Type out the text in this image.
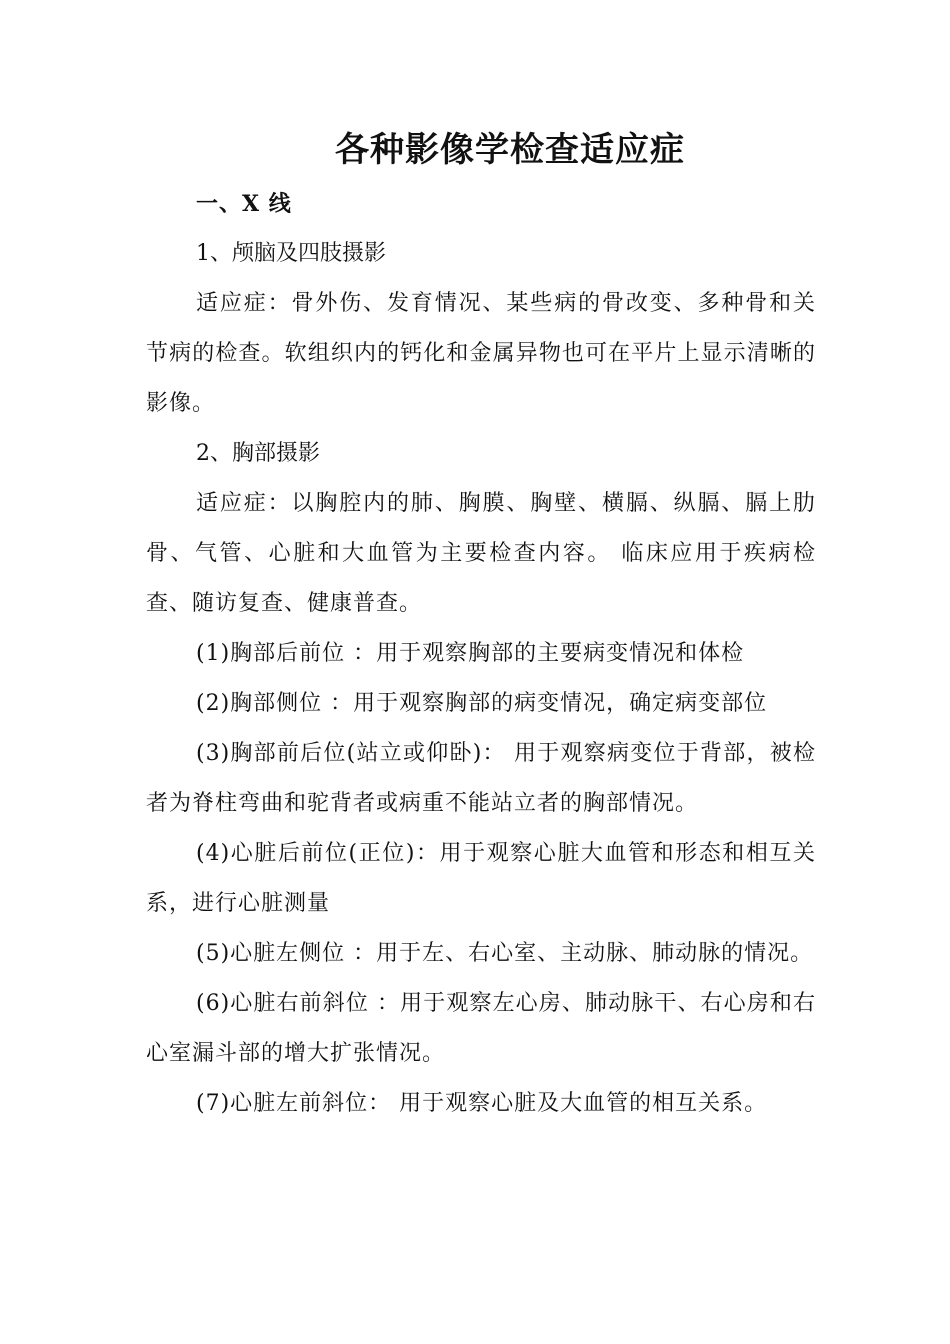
各种影像学检查适应症

一、X 线

1、颅脑及四肢摄影

适应症：骨外伤、发育情况、某些病的骨改变、多种骨和关节病的检查。软组织内的钙化和金属异物也可在平片上显示清晰的影像。

2、胸部摄影

适应症：以胸腔内的肺、胸膜、胸壁、横膈、纵膈、膈上肋骨、气管、心脏和大血管为主要检查内容。 临床应用于疾病检查、随访复查、健康普查。

(1)胸部后前位 ：用于观察胸部的主要病变情况和体检

(2)胸部侧位 ：用于观察胸部的病变情况，确定病变部位

(3)胸部前后位(站立或仰卧)： 用于观察病变位于背部，被检者为脊柱弯曲和驼背者或病重不能站立者的胸部情况。

(4)心脏后前位(正位)：用于观察心脏大血管和形态和相互关系，进行心脏测量

(5)心脏左侧位 ：用于左、右心室、主动脉、肺动脉的情况。

(6)心脏右前斜位 ：用于观察左心房、肺动脉干、右心房和右心室漏斗部的增大扩张情况。

(7)心脏左前斜位： 用于观察心脏及大血管的相互关系。
